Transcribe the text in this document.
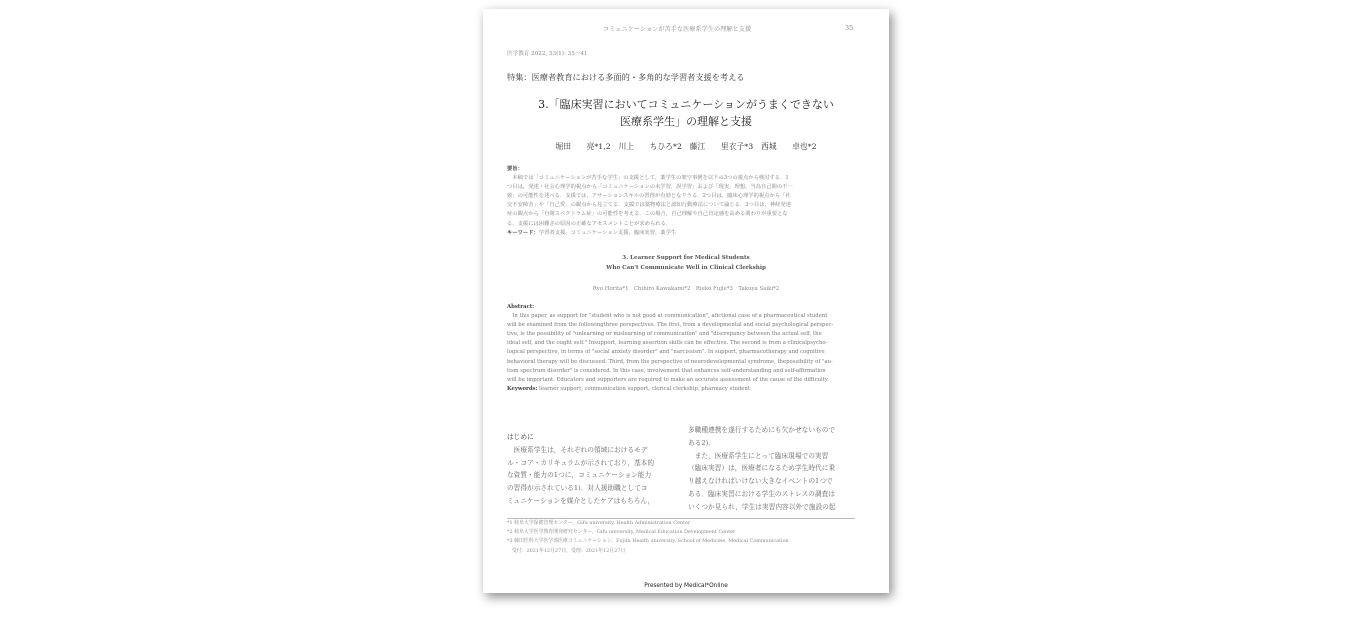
コミュニケーションが苦手な医療系学生の理解と支援	35
医学教育 2022, 53(1): 35〜41
特集：医療者教育における多面的・多角的な学習者支援を考える
3.「臨床実習においてコミュニケーションがうまくできない
医療系学生」の理解と支援
堀田　　亮*1,2　川上　　ちひろ*2　藤江　　里衣子*3　西城　　卓也*2

要旨：

　本稿では「コミュニケーションが苦手な学生」の支援として，薬学生の架空事例を以下の3つの視点から検討する．1

つ目は，発達・社会心理学的視点から「コミュニケーションの未学習，誤学習」および「現実，理想，当為自己間の不一

致」の可能性を述べる．支援では，アサーションスキルの習得が有効となりうる．2つ目は，臨床心理学的視点から「社

交不安障害」や「自己愛」の観点から見立てる．支援では薬物療法と認知行動療法について論じる．3つ目は，神経発達

症の観点から「自閉スペクトラム症」の可能性を考える．この場合，自己理解や自己肯定感を高める関わりが重要とな

る．支援には困難さの原因の正確なアセスメントことが求められる．

キーワード：学習者支援，コミュニケーション支援，臨床実習，薬学生

3. Learner Support for Medical Students
Who Can't Communicate Well in Clinical Clerkship
Ryo Horita*1　Chihiro Kawakami*2　Rieko Fujie*3　Takuya Saiki*2

Abstract:

　In this paper, as support for "student who is not good at communication", afictional case of a pharmaceutical student

will be examined from the followingthree perspectives. The first, from a developmental and social psychological perspec-

tive, is the possibility of "unlearning or mislearning of communication" and "discrepancy between the actual self, the

ideal self, and the ought self." Insupport, learning assertion skills can be effective. The second is from a clinicalpsycho-

logical perspective, in terms of "social anxiety disorder" and "narcissism". In support, pharmacotherapy and cognitive

behavioral therapy will be discussed. Third, from the perspective of neurodevelopmental syndrome, thepossibility of "au-

tism spectrum disorder" is considered. In this case, involvement that enhances self-understanding and self-affirmation

will be important. Educators and supporters are required to make an accurate assessment of the cause of the difficulty.

Keywords: learner support, communication support, clerical clerkship, pharmacy student

はじめに

　医療系学生は，それぞれの領域におけるモデ

ル・コア・カリキュラムが示されており，基本的

な資質・能力の1つに，コミュニケーション能力

の習得が示されている1)．対人援助職としてコ

ミュニケーションを媒介としたケアはもちろん，

多職種連携を遂行するためにも欠かせないもので

ある2)．

　また，医療系学生にとって臨床現場での実習

（臨床実習）は，医療者になるため学生時代に乗

り越えなければいけない大きなイベントの1つで

ある．臨床実習における学生のストレスの調査は

いくつか見られ，学生は実習内容以外で施設の起

*1 岐阜大学保健管理センター，Gifu university, Health Administration Center

*2 岐阜大学医学教育開発研究センター，Gifu university, Medical Education Development Center

*3 藤田医科大学医学部医療コミュニケーション，Fujita Health university, School of Medicine, Medical Communication

　受付：2021年12月27日，受理：2021年12月27日

Presented by Medical*Online
